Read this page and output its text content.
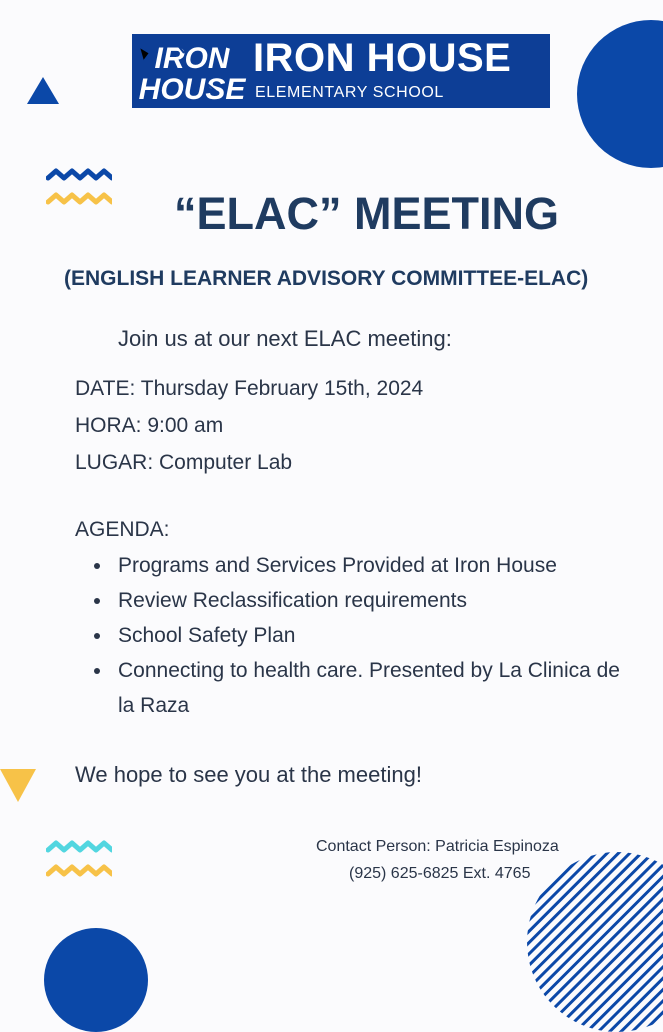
IRON
HOUSE
IRON HOUSE
ELEMENTARY SCHOOL
“ELAC” MEETING
(ENGLISH LEARNER ADVISORY COMMITTEE-ELAC)
Join us at our next ELAC meeting:
DATE: Thursday February 15th, 2024
HORA: 9:00 am
LUGAR: Computer Lab
AGENDA:
Programs and Services Provided at Iron House
Review Reclassification requirements
School Safety Plan
Connecting to health care. Presented by La Clinica de la Raza
We hope to see you at the meeting!
Contact Person: Patricia Espinoza
(925) 625-6825 Ext. 4765
